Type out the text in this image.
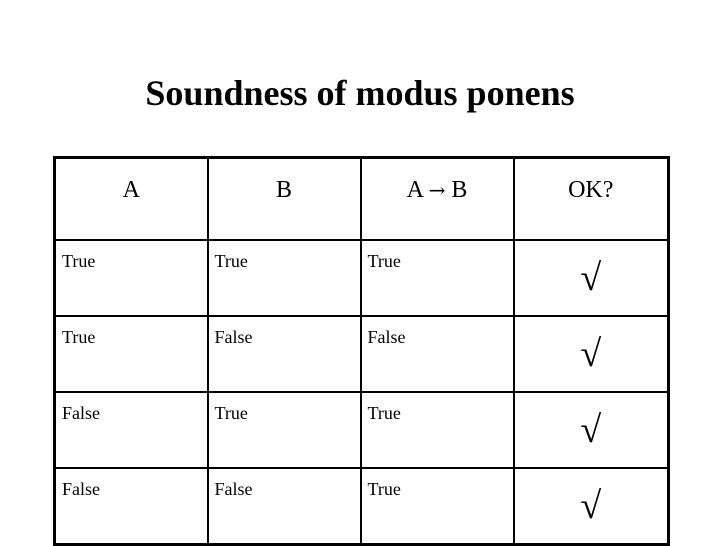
Soundness of modus ponens
A	B	A → B	OK?
True	True	True	√
True	False	False	√
False	True	True	√
False	False	True	√
